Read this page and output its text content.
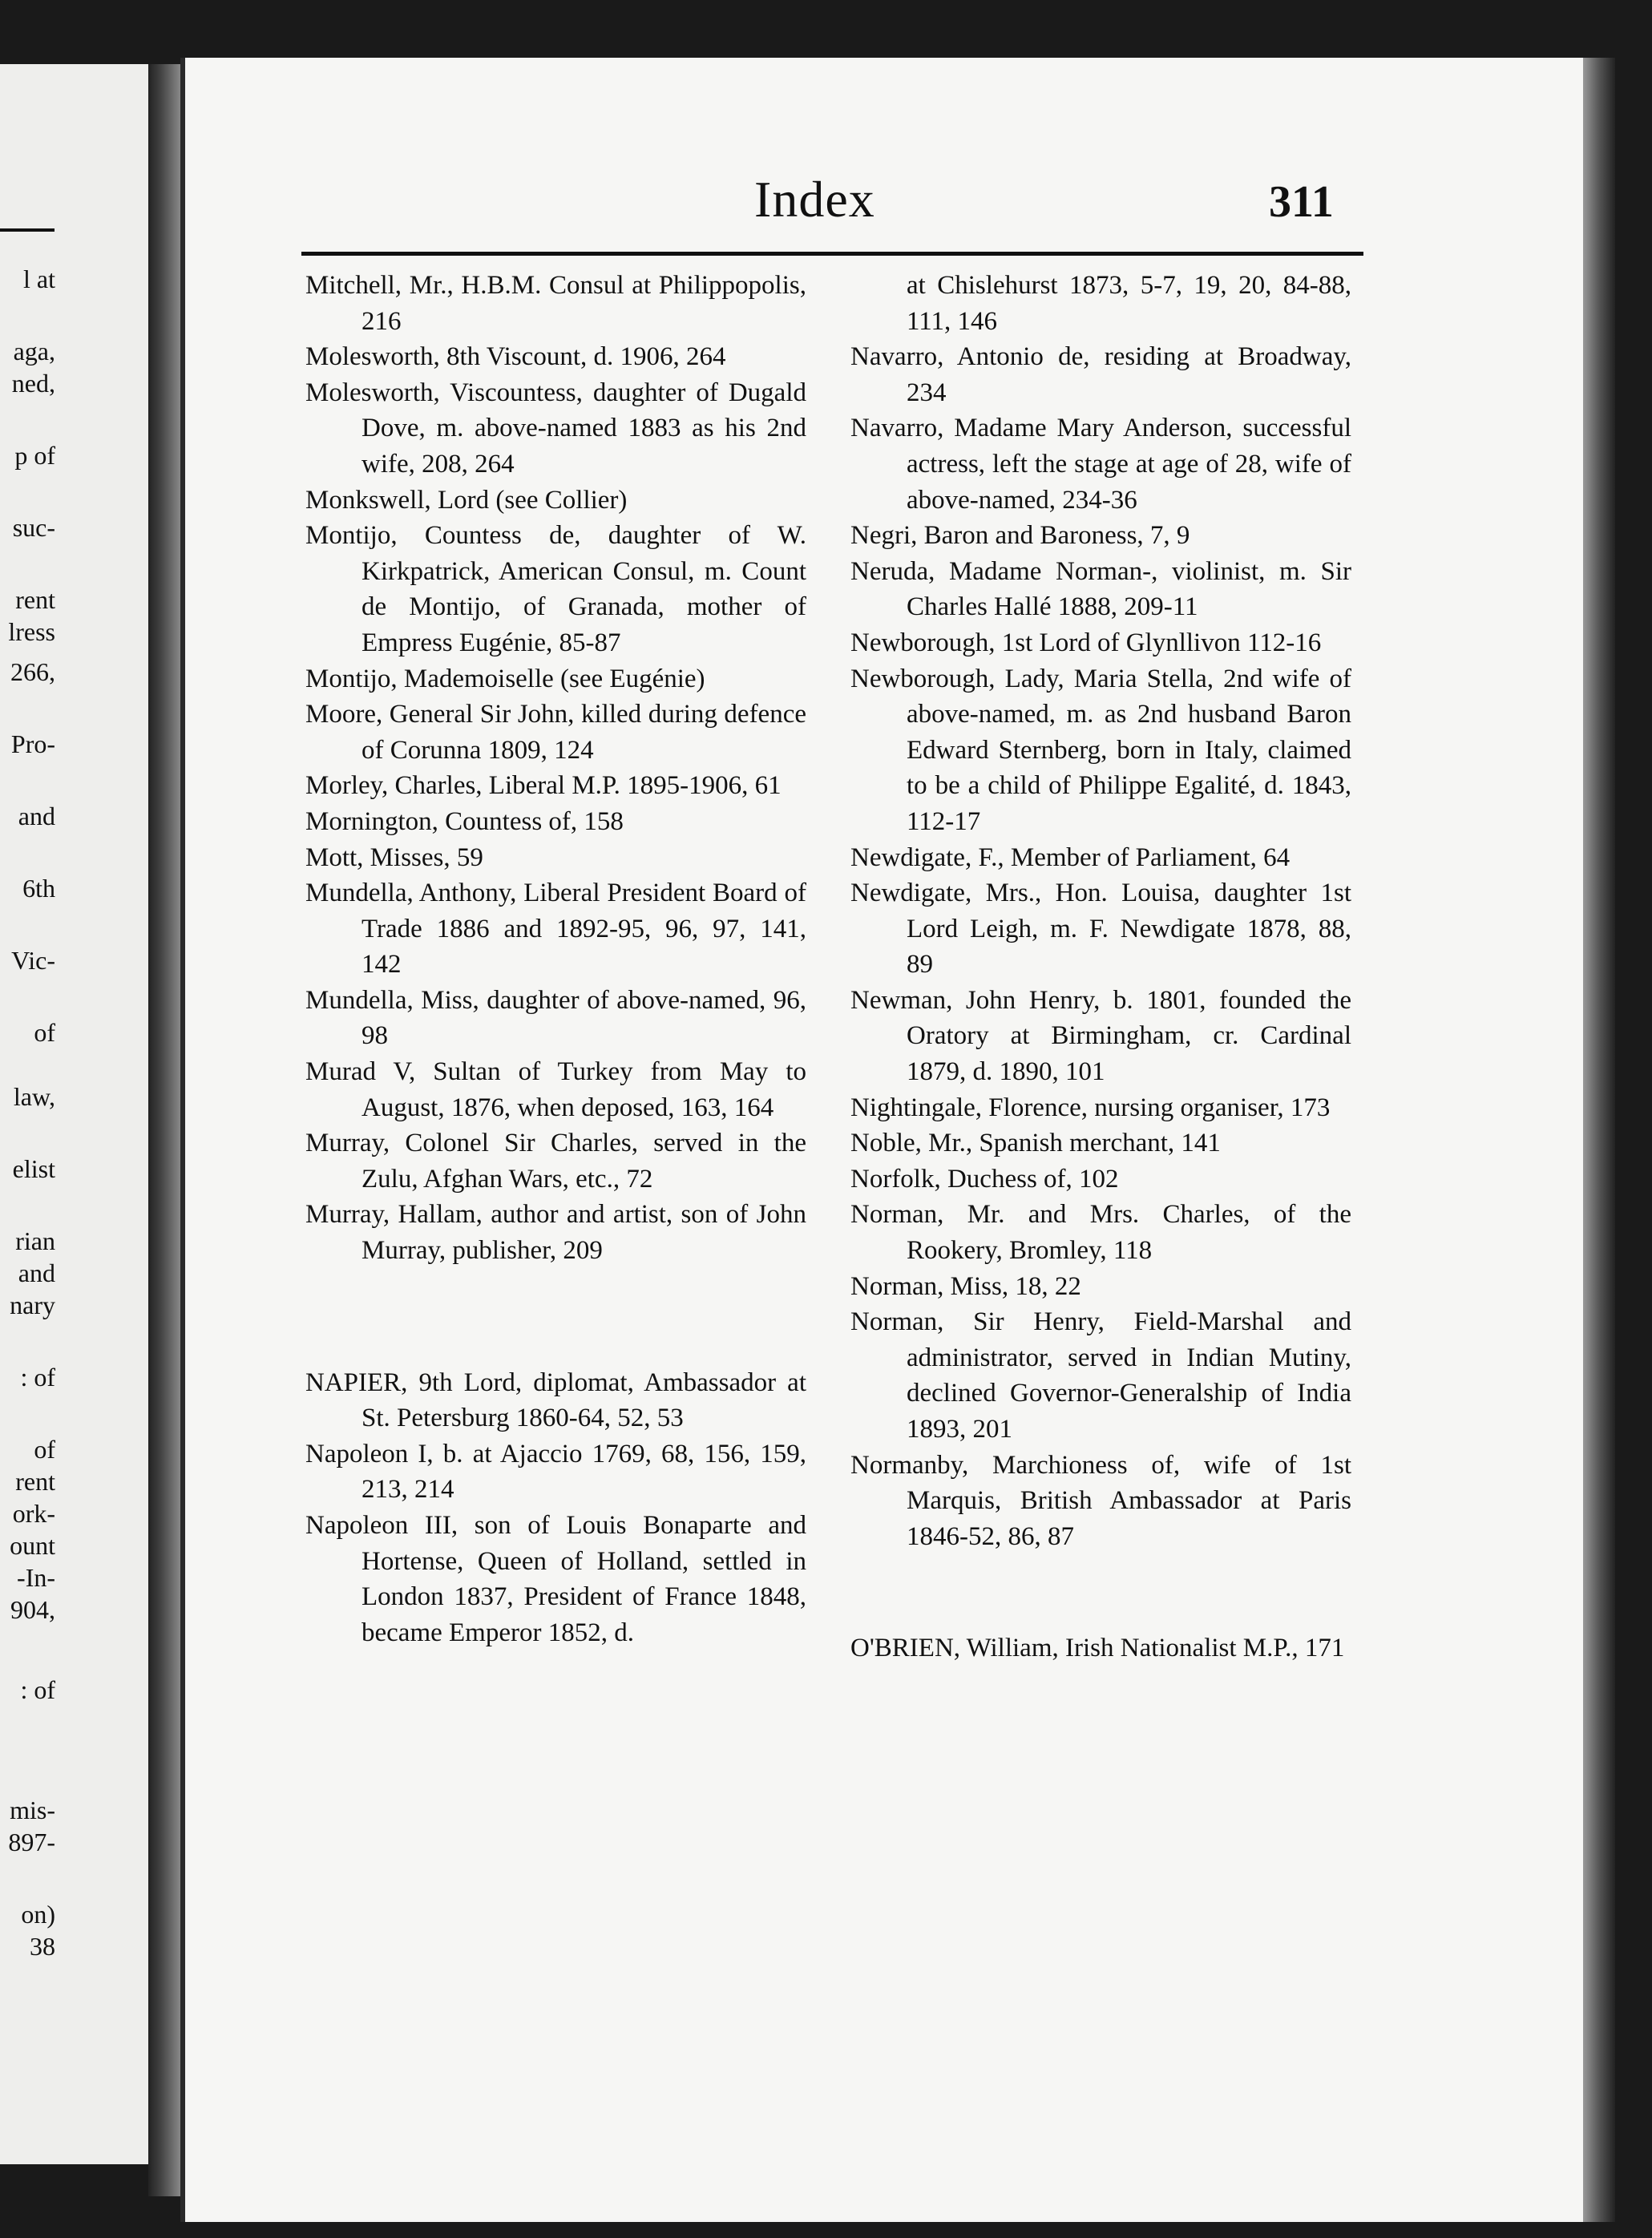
l at
aga,
ned,
p of
suc-
rent
lress
266,
Pro-
and
6th
Vic-
of
law,
elist
rian
and
nary
: of
of
rent
ork-
ount
-In-
904,
: of
mis-
897-
on)
38
Index	311

Mitchell, Mr., H.B.M. Consul at Philippopolis, 216

Molesworth, 8th Viscount, d. 1906, 264

Molesworth, Viscountess, daughter of Dugald Dove, m. above-named 1883 as his 2nd wife, 208, 264

Monkswell, Lord (see Collier)

Montijo, Countess de, daughter of W. Kirkpatrick, American Consul, m. Count de Montijo, of Granada, mother of Empress Eugénie, 85-87

Montijo, Mademoiselle (see Eugénie)

Moore, General Sir John, killed during defence of Corunna 1809, 124

Morley, Charles, Liberal M.P. 1895-1906, 61

Mornington, Countess of, 158

Mott, Misses, 59

Mundella, Anthony, Liberal President Board of Trade 1886 and 1892-95, 96, 97, 141, 142

Mundella, Miss, daughter of above-named, 96, 98

Murad V, Sultan of Turkey from May to August, 1876, when deposed, 163, 164

Murray, Colonel Sir Charles, served in the Zulu, Afghan Wars, etc., 72

Murray, Hallam, author and artist, son of John Murray, publisher, 209

NAPIER, 9th Lord, diplomat, Ambassador at St. Petersburg 1860-64, 52, 53

Napoleon I, b. at Ajaccio 1769, 68, 156, 159, 213, 214

Napoleon III, son of Louis Bonaparte and Hortense, Queen of Holland, settled in London 1837, President of France 1848, became Emperor 1852, d.

at Chislehurst 1873, 5-7, 19, 20, 84-88, 111, 146

Navarro, Antonio de, residing at Broadway, 234

Navarro, Madame Mary Anderson, successful actress, left the stage at age of 28, wife of above-named, 234-36

Negri, Baron and Baroness, 7, 9

Neruda, Madame Norman-, violinist, m. Sir Charles Hallé 1888, 209-11

Newborough, 1st Lord of Glynllivon 112-16

Newborough, Lady, Maria Stella, 2nd wife of above-named, m. as 2nd husband Baron Edward Sternberg, born in Italy, claimed to be a child of Philippe Egalité, d. 1843, 112-17

Newdigate, F., Member of Parliament, 64

Newdigate, Mrs., Hon. Louisa, daughter 1st Lord Leigh, m. F. Newdigate 1878, 88, 89

Newman, John Henry, b. 1801, founded the Oratory at Birmingham, cr. Cardinal 1879, d. 1890, 101

Nightingale, Florence, nursing organiser, 173

Noble, Mr., Spanish merchant, 141

Norfolk, Duchess of, 102

Norman, Mr. and Mrs. Charles, of the Rookery, Bromley, 118

Norman, Miss, 18, 22

Norman, Sir Henry, Field-Marshal and administrator, served in Indian Mutiny, declined Governor-Generalship of India 1893, 201

Normanby, Marchioness of, wife of 1st Marquis, British Ambassador at Paris 1846-52, 86, 87

O'BRIEN, William, Irish Nationalist M.P., 171
